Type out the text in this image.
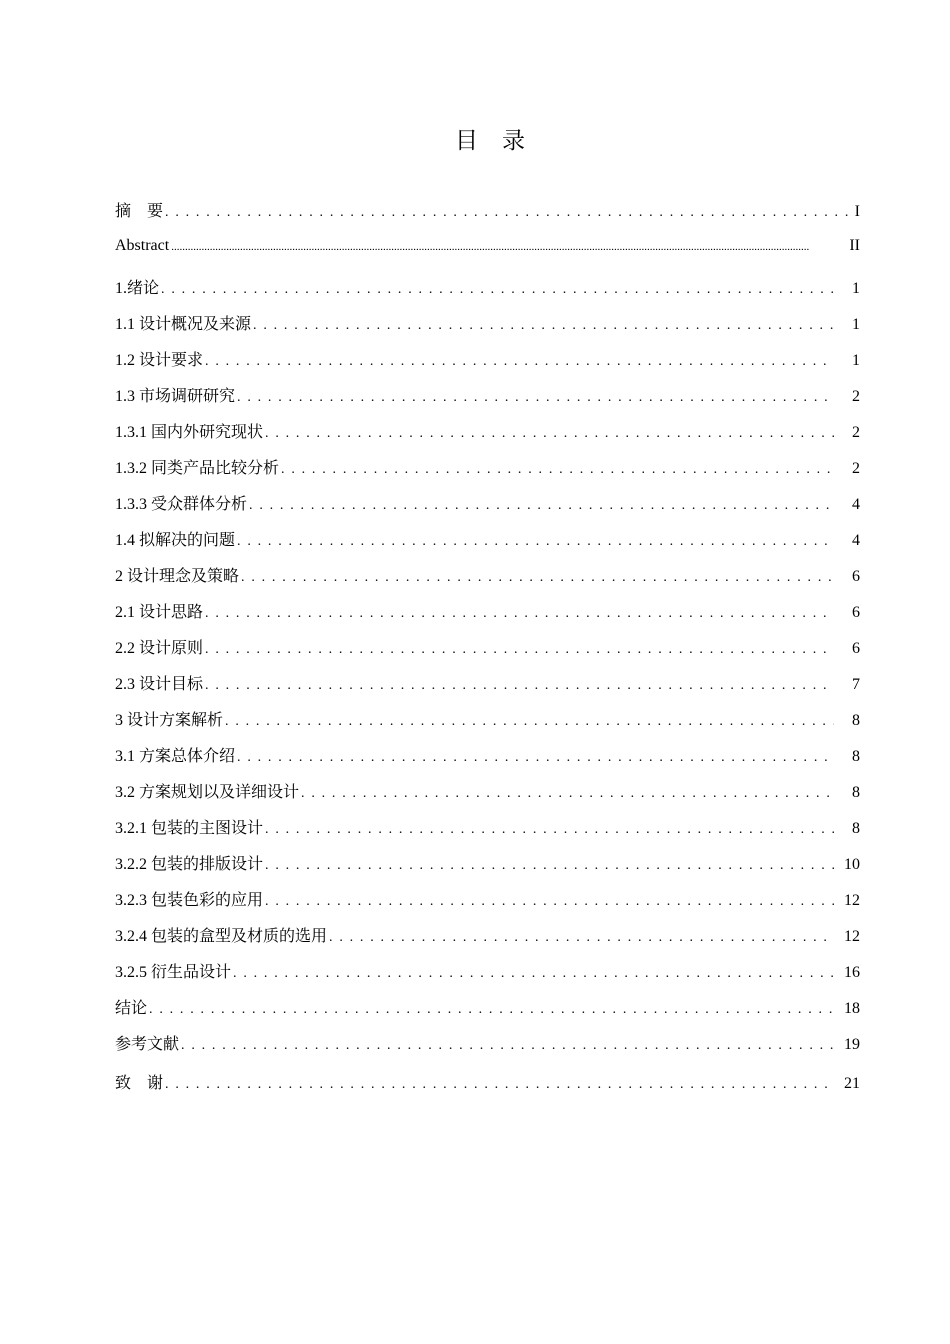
目 录
摘　要 . . .	I
Abstract .....	II
1.绪论 . . .	1
1.1 设计概况及来源 . . .	1
1.2 设计要求 . . .	1
1.3 市场调研研究 . . .	2
1.3.1 国内外研究现状 . . .	2
1.3.2 同类产品比较分析 . . .	2
1.3.3 受众群体分析 . . .	4
1.4 拟解决的问题 . . .	4
2 设计理念及策略 . . .	6
2.1 设计思路 . . .	6
2.2 设计原则 . . .	6
2.3 设计目标 . . .	7
3 设计方案解析 . . .	8
3.1 方案总体介绍 . . .	8
3.2 方案规划以及详细设计 . . .	8
3.2.1 包装的主图设计 . . .	8
3.2.2 包装的排版设计 . . .	10
3.2.3 包装色彩的应用 . . .	12
3.2.4 包装的盒型及材质的选用 . . .	12
3.2.5 衍生品设计 . . .	16
结论 . . .	18
参考文献 . . .	19
致　谢 . . .	21
